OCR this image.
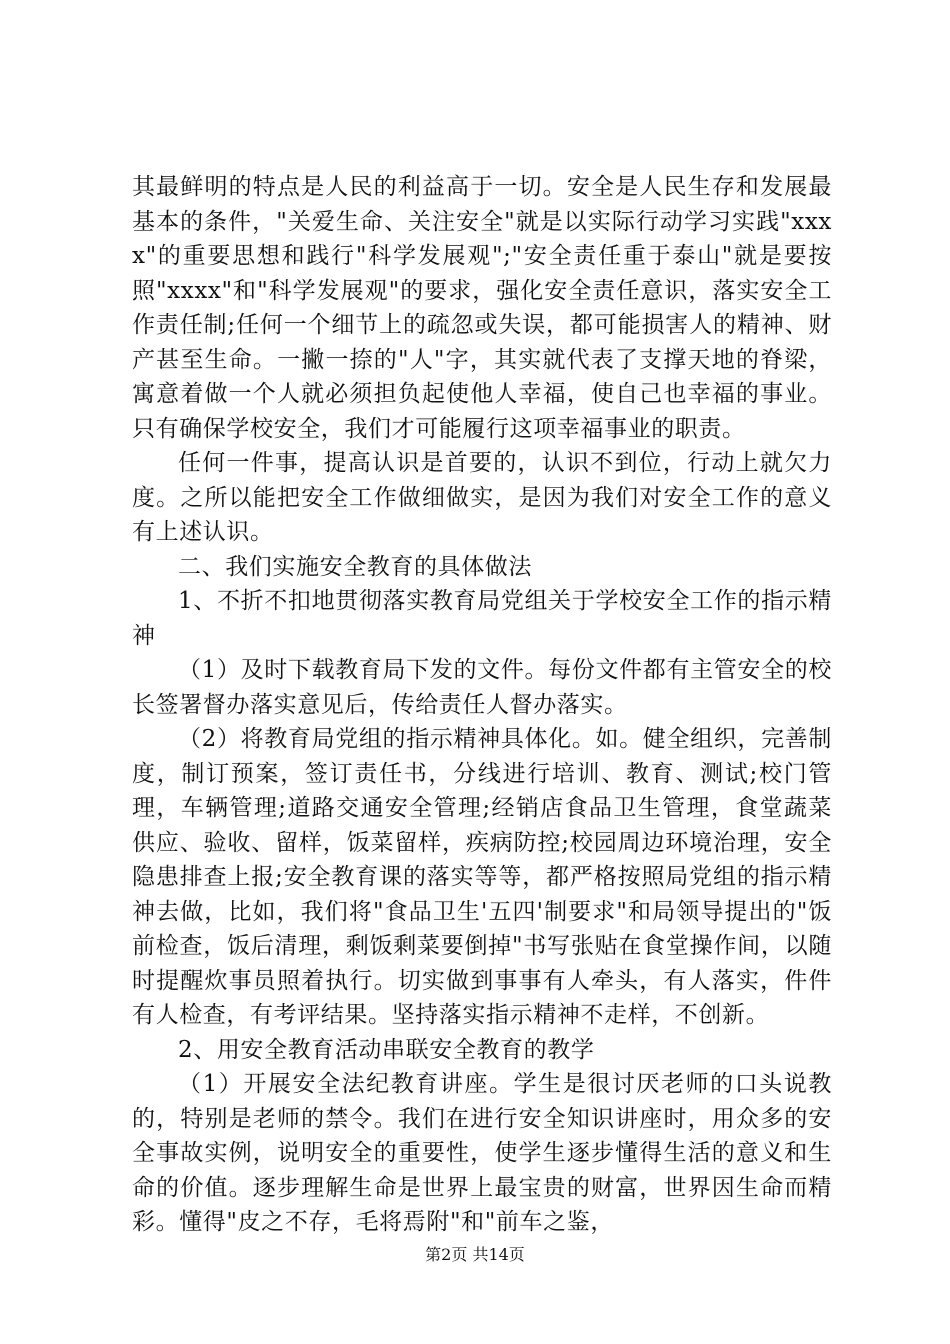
其最鲜明的特点是人民的利益高于一切。安全是人民生存和发展最基本的条件，"关爱生命、关注安全"就是以实际行动学习实践"xxxx"的重要思想和践行"科学发展观";"安全责任重于泰山"就是要按照"xxxx"和"科学发展观"的要求，强化安全责任意识，落实安全工作责任制;任何一个细节上的疏忽或失误，都可能损害人的精神、财产甚至生命。一撇一捺的"人"字，其实就代表了支撑天地的脊梁，寓意着做一个人就必须担负起使他人幸福，使自己也幸福的事业。只有确保学校安全，我们才可能履行这项幸福事业的职责。

任何一件事，提高认识是首要的，认识不到位，行动上就欠力度。之所以能把安全工作做细做实，是因为我们对安全工作的意义有上述认识。

二、我们实施安全教育的具体做法

1、不折不扣地贯彻落实教育局党组关于学校安全工作的指示精神

（1）及时下载教育局下发的文件。每份文件都有主管安全的校长签署督办落实意见后，传给责任人督办落实。

（2）将教育局党组的指示精神具体化。如。健全组织，完善制度，制订预案，签订责任书，分线进行培训、教育、测试;校门管理，车辆管理;道路交通安全管理;经销店食品卫生管理，食堂蔬菜供应、验收、留样，饭菜留样，疾病防控;校园周边环境治理，安全隐患排查上报;安全教育课的落实等等，都严格按照局党组的指示精神去做，比如，我们将"食品卫生'五四'制要求"和局领导提出的"饭前检查，饭后清理，剩饭剩菜要倒掉"书写张贴在食堂操作间，以随时提醒炊事员照着执行。切实做到事事有人牵头，有人落实，件件有人检查，有考评结果。坚持落实指示精神不走样，不创新。

2、用安全教育活动串联安全教育的教学

（1）开展安全法纪教育讲座。学生是很讨厌老师的口头说教的，特别是老师的禁令。我们在进行安全知识讲座时，用众多的安全事故实例，说明安全的重要性，使学生逐步懂得生活的意义和生命的价值。逐步理解生命是世界上最宝贵的财富，世界因生命而精彩。懂得"皮之不存，毛将焉附"和"前车之鉴，

第2页 共14页
